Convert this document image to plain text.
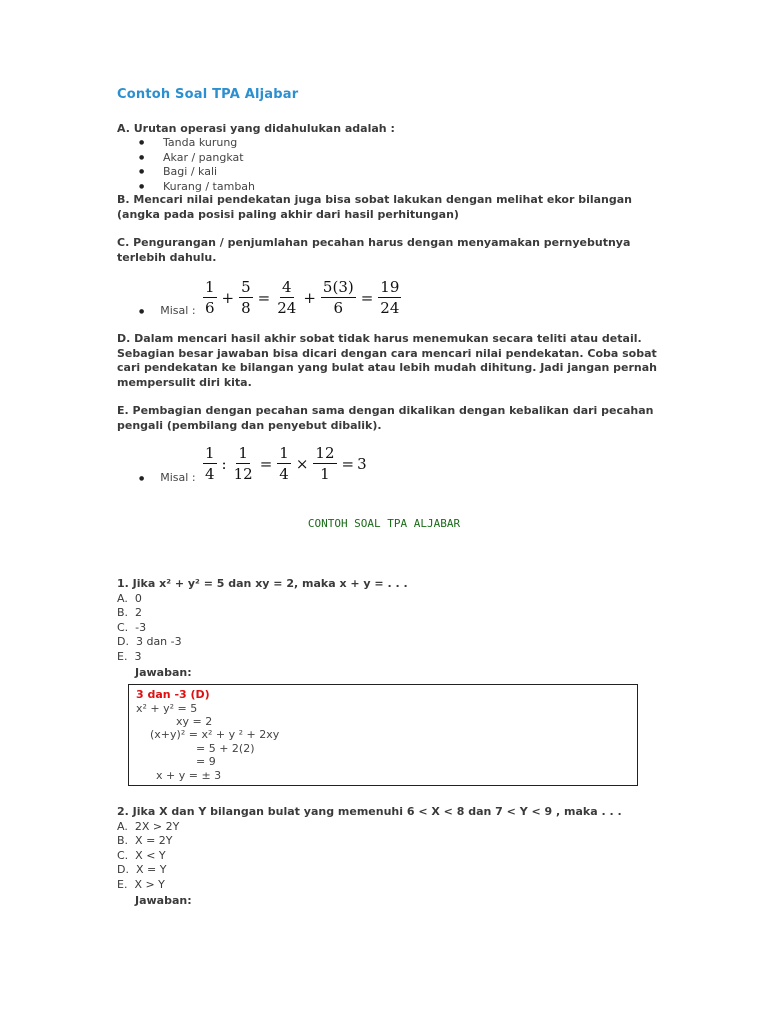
Contoh Soal TPA Aljabar
A. Urutan operasi yang didahulukan adalah :
● Tanda kurung
● Akar / pangkat
● Bagi / kali
● Kurang / tambah
B. Mencari nilai pendekatan juga bisa sobat lakukan dengan melihat ekor bilangan (angka pada posisi paling akhir dari hasil perhitungan)
C. Pengurangan / penjumlahan pecahan harus dengan menyamakan pernyebutnya terlebih dahulu.
● Misal : $\frac{1}{6} + \frac{5}{8} = \frac{4}{24} + \frac{5(3)}{6} = \frac{19}{24}$
D. Dalam mencari hasil akhir sobat tidak harus menemukan secara teliti atau detail. Sebagian besar jawaban bisa dicari dengan cara mencari nilai pendekatan. Coba sobat cari pendekatan ke bilangan yang bulat atau lebih mudah dihitung. Jadi jangan pernah mempersulit diri kita.
E. Pembagian dengan pecahan sama dengan dikalikan dengan kebalikan dari pecahan pengali (pembilang dan penyebut dibalik).
● Misal : $\frac{1}{4}$ : $\frac{1}{12} = \frac{1}{4} \times \frac{12}{1} = 3$
CONTOH SOAL TPA ALJABAR
1. Jika x² + y² = 5 dan xy = 2, maka x + y = . . .
A.  0
B.  2
C.  -3
D.  3 dan -3
E.  3
Jawaban:
3 dan -3 (D)
x² + y² = 5
xy = 2
(x+y)² = x² + y ² + 2xy
= 5 + 2(2)
= 9
x + y = ± 3
2. Jika X dan Y bilangan bulat yang memenuhi 6 < X < 8 dan 7 < Y < 9 , maka . . .
A.  2X > 2Y
B.  X = 2Y
C.  X < Y
D.  X = Y
E.  X > Y
Jawaban:
